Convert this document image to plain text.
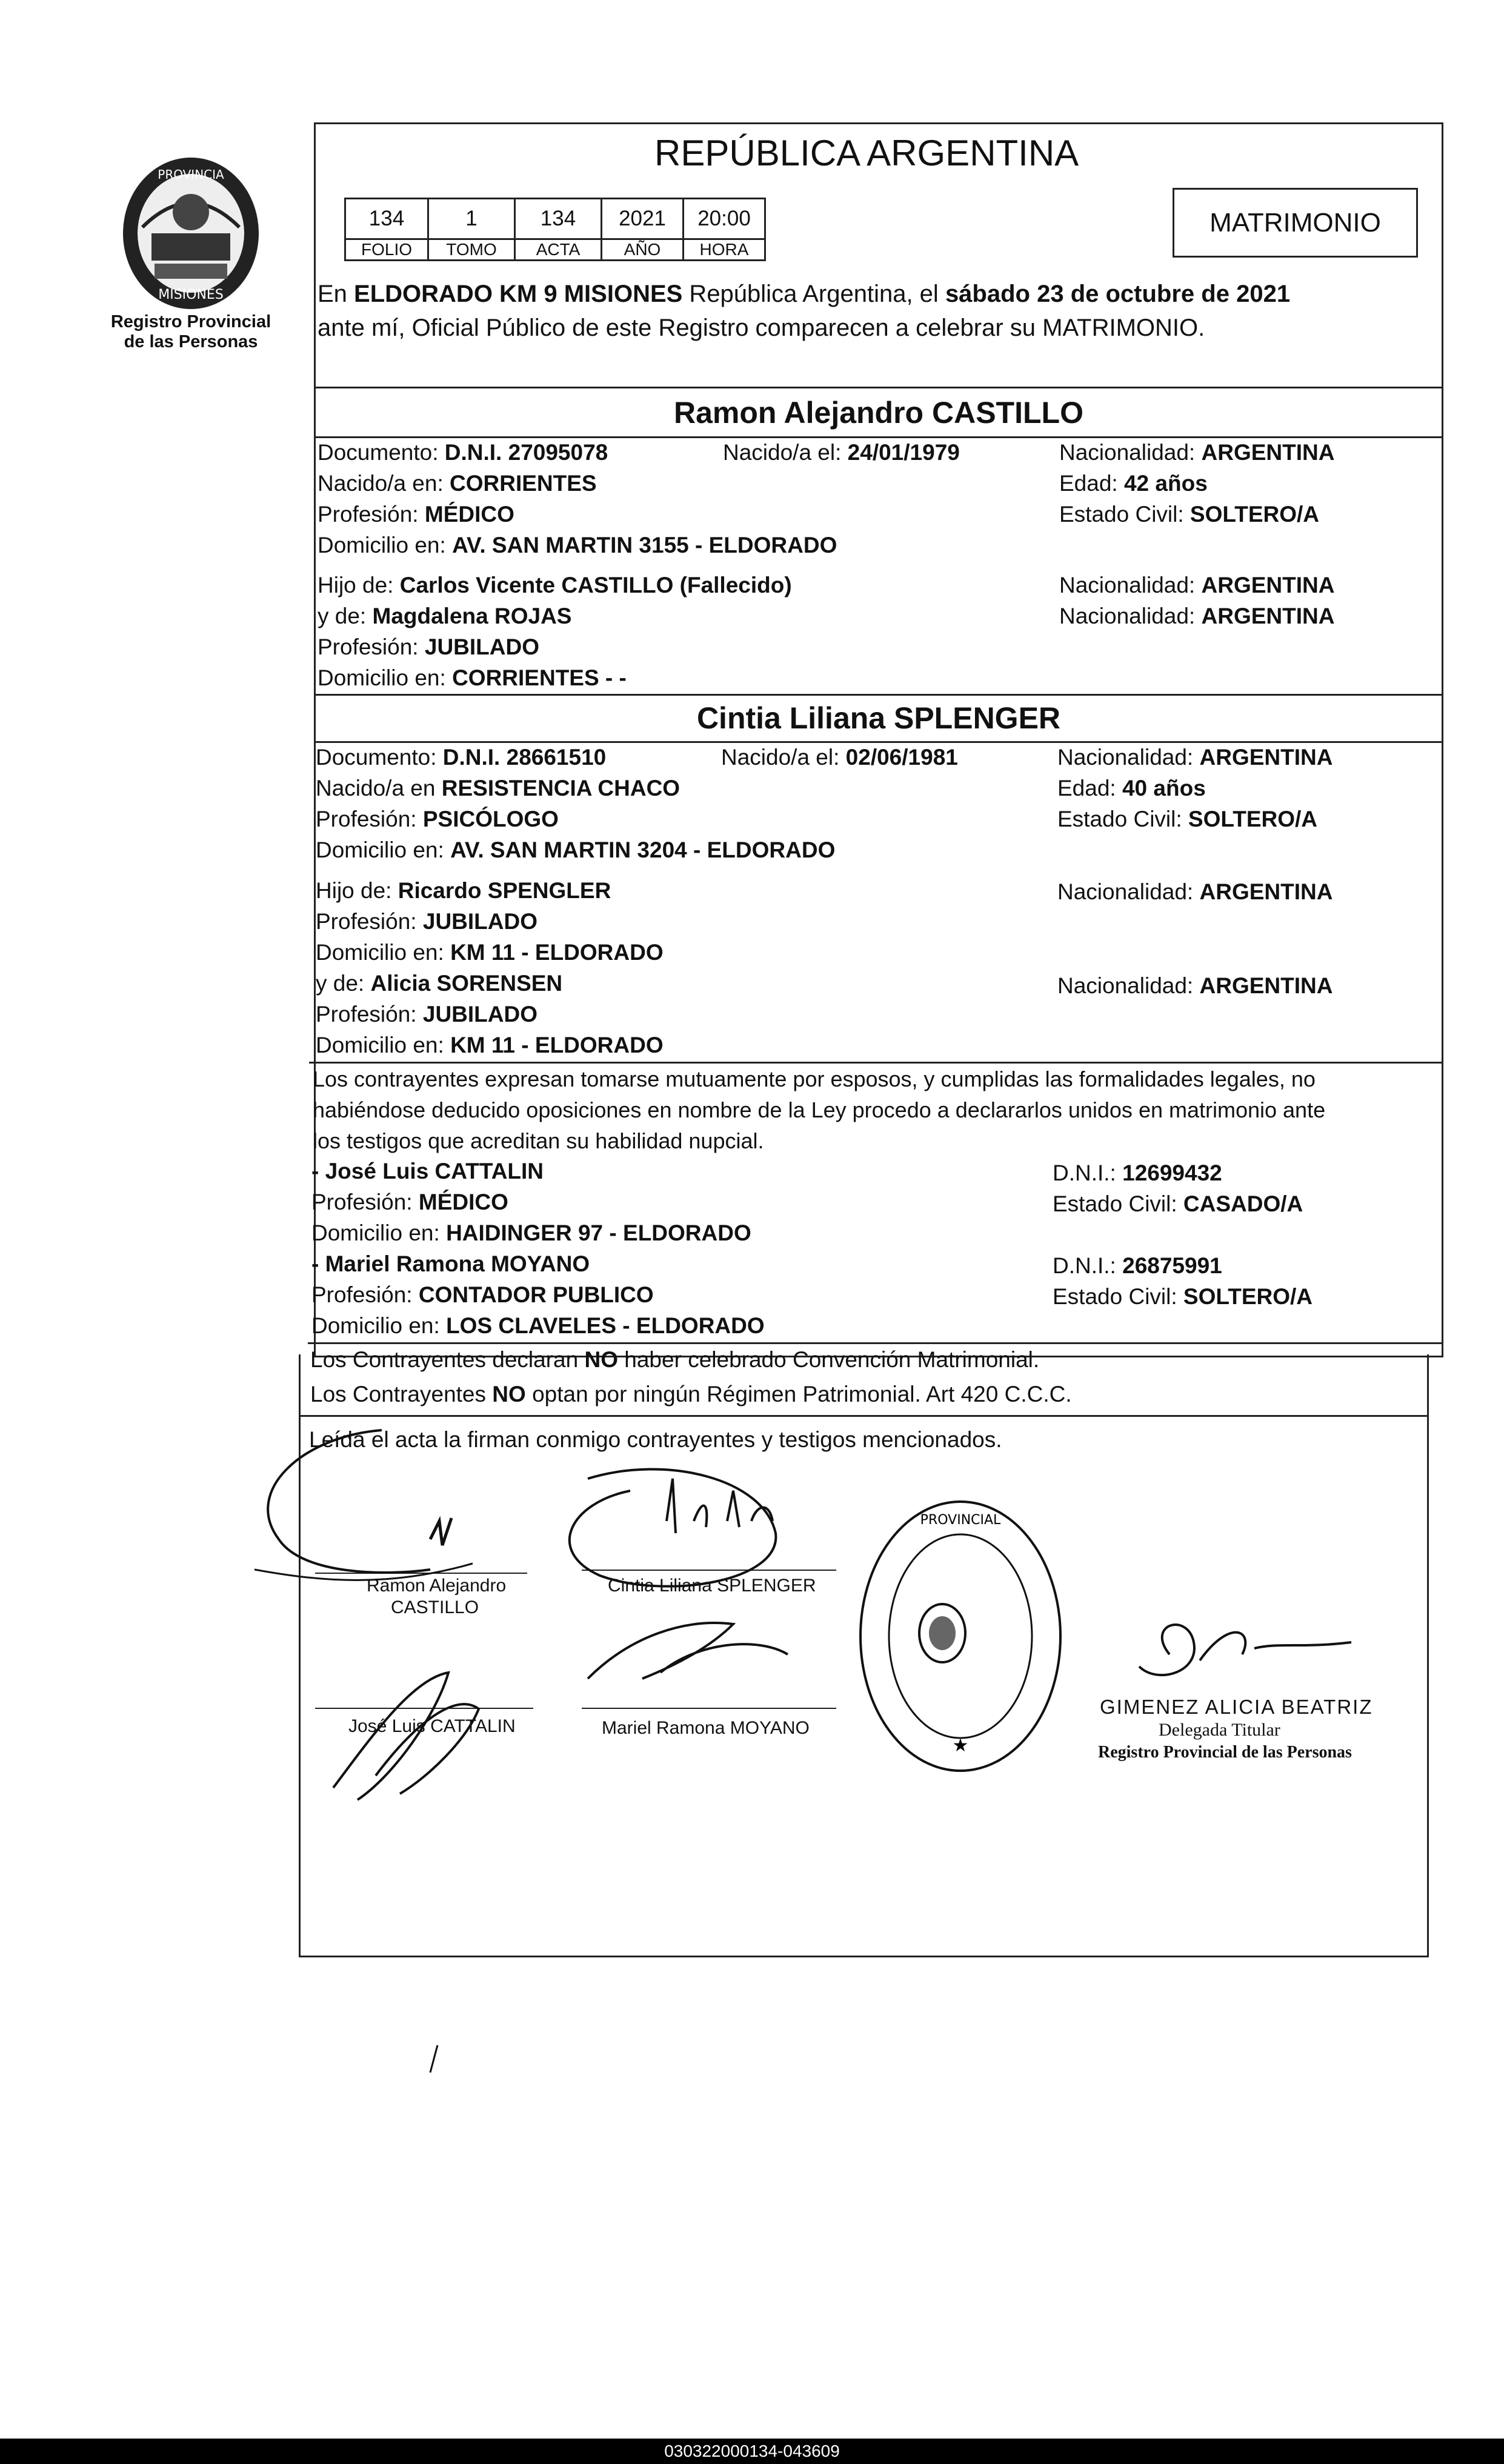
PROVINCIA
MISIONES
Registro Provincial
de las Personas
REPÚBLICA ARGENTINA
134	1	134	2021	20:00
FOLIO	TOMO	ACTA	AÑO	HORA
MATRIMONIO
En ELDORADO KM 9 MISIONES República Argentina, el sábado 23 de octubre de 2021
ante mí, Oficial Público de este Registro comparecen a celebrar su MATRIMONIO.
Ramon Alejandro CASTILLO
Documento: D.N.I. 27095078	Nacido/a el: 24/01/1979	Nacionalidad: ARGENTINA
Nacido/a en: CORRIENTES	Edad: 42 años
Profesión: MÉDICO	Estado Civil: SOLTERO/A
Domicilio en: AV. SAN MARTIN 3155 - ELDORADO
Hijo de: Carlos Vicente CASTILLO (Fallecido)	Nacionalidad: ARGENTINA
y de: Magdalena ROJAS	Nacionalidad: ARGENTINA
Profesión: JUBILADO
Domicilio en: CORRIENTES - -
Cintia Liliana SPLENGER
Documento: D.N.I. 28661510	Nacido/a el: 02/06/1981	Nacionalidad: ARGENTINA
Nacido/a en RESISTENCIA CHACO	Edad: 40 años
Profesión: PSICÓLOGO	Estado Civil: SOLTERO/A
Domicilio en: AV. SAN MARTIN 3204 - ELDORADO
Hijo de: Ricardo SPENGLER	Nacionalidad: ARGENTINA
Profesión: JUBILADO
Domicilio en: KM 11 - ELDORADO
y de: Alicia SORENSEN	Nacionalidad: ARGENTINA
Profesión: JUBILADO
Domicilio en: KM 11 - ELDORADO
Los contrayentes expresan tomarse mutuamente por esposos, y cumplidas las formalidades legales, no
habiéndose deducido oposiciones en nombre de la Ley procedo a declararlos unidos en matrimonio ante
los testigos que acreditan su habilidad nupcial.
- José Luis CATTALIN	D.N.I.: 12699432
Profesión: MÉDICO	Estado Civil: CASADO/A
Domicilio en: HAIDINGER 97 - ELDORADO
- Mariel Ramona MOYANO	D.N.I.: 26875991
Profesión: CONTADOR PUBLICO	Estado Civil: SOLTERO/A
Domicilio en: LOS CLAVELES - ELDORADO
Los Contrayentes declaran NO haber celebrado Convención Matrimonial.
Los Contrayentes NO optan por ningún Régimen Patrimonial. Art 420 C.C.C.
Leída el acta la firman conmigo contrayentes y testigos mencionados.
Ramon Alejandro
CASTILLO
Cintia Liliana SPLENGER
José Luis CATTALIN	Mariel Ramona MOYANO
PROVINCIAL
★
GIMENEZ ALICIA BEATRIZ
Delegada Titular
Registro Provincial de las Personas
030322000134-043609
